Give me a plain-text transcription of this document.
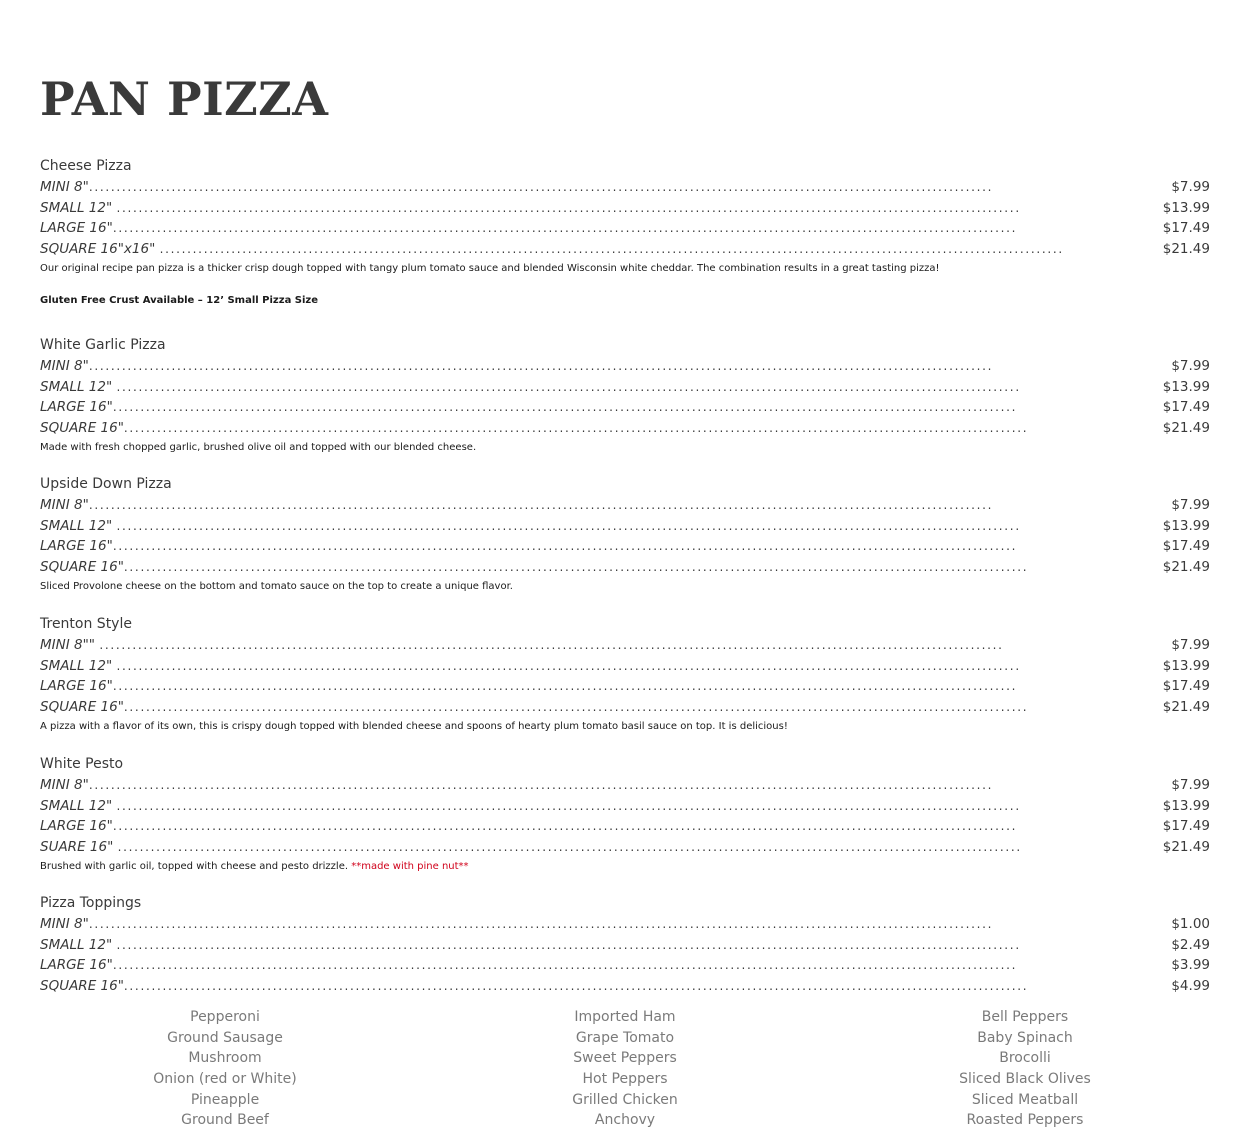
PAN PIZZA
Cheese Pizza
MINI 8"....................................................................................................................................................................	$7.99
SMALL 12" ....................................................................................................................................................................	$13.99
LARGE 16"....................................................................................................................................................................	$17.49
SQUARE 16"x16" ....................................................................................................................................................................	$21.49
Our original recipe pan pizza is a thicker crisp dough topped with tangy plum tomato sauce and blended Wisconsin white cheddar. The combination results in a great tasting pizza!
Gluten Free Crust Available – 12’ Small Pizza Size
White Garlic Pizza
MINI 8"....................................................................................................................................................................	$7.99
SMALL 12" ....................................................................................................................................................................	$13.99
LARGE 16"....................................................................................................................................................................	$17.49
SQUARE 16"....................................................................................................................................................................	$21.49
Made with fresh chopped garlic, brushed olive oil and topped with our blended cheese.
Upside Down Pizza
MINI 8"....................................................................................................................................................................	$7.99
SMALL 12" ....................................................................................................................................................................	$13.99
LARGE 16"....................................................................................................................................................................	$17.49
SQUARE 16"....................................................................................................................................................................	$21.49
Sliced Provolone cheese on the bottom and tomato sauce on the top to create a unique flavor.
Trenton Style
MINI 8"" ....................................................................................................................................................................	$7.99
SMALL 12" ....................................................................................................................................................................	$13.99
LARGE 16"....................................................................................................................................................................	$17.49
SQUARE 16"....................................................................................................................................................................	$21.49
A pizza with a flavor of its own, this is crispy dough topped with blended cheese and spoons of hearty plum tomato basil sauce on top. It is delicious!
White Pesto
MINI 8"....................................................................................................................................................................	$7.99
SMALL 12" ....................................................................................................................................................................	$13.99
LARGE 16"....................................................................................................................................................................	$17.49
SUARE 16" ....................................................................................................................................................................	$21.49
Brushed with garlic oil, topped with cheese and pesto drizzle. **made with pine nut**
Pizza Toppings
MINI 8"....................................................................................................................................................................	$1.00
SMALL 12" ....................................................................................................................................................................	$2.49
LARGE 16"....................................................................................................................................................................	$3.99
SQUARE 16"....................................................................................................................................................................	$4.99
Pepperoni
Ground Sausage
Mushroom
Onion (red or White)
Pineapple
Ground Beef
Imported Ham
Grape Tomato
Sweet Peppers
Hot Peppers
Grilled Chicken
Anchovy
Bell Peppers
Baby Spinach
Brocolli
Sliced Black Olives
Sliced Meatball
Roasted Peppers
